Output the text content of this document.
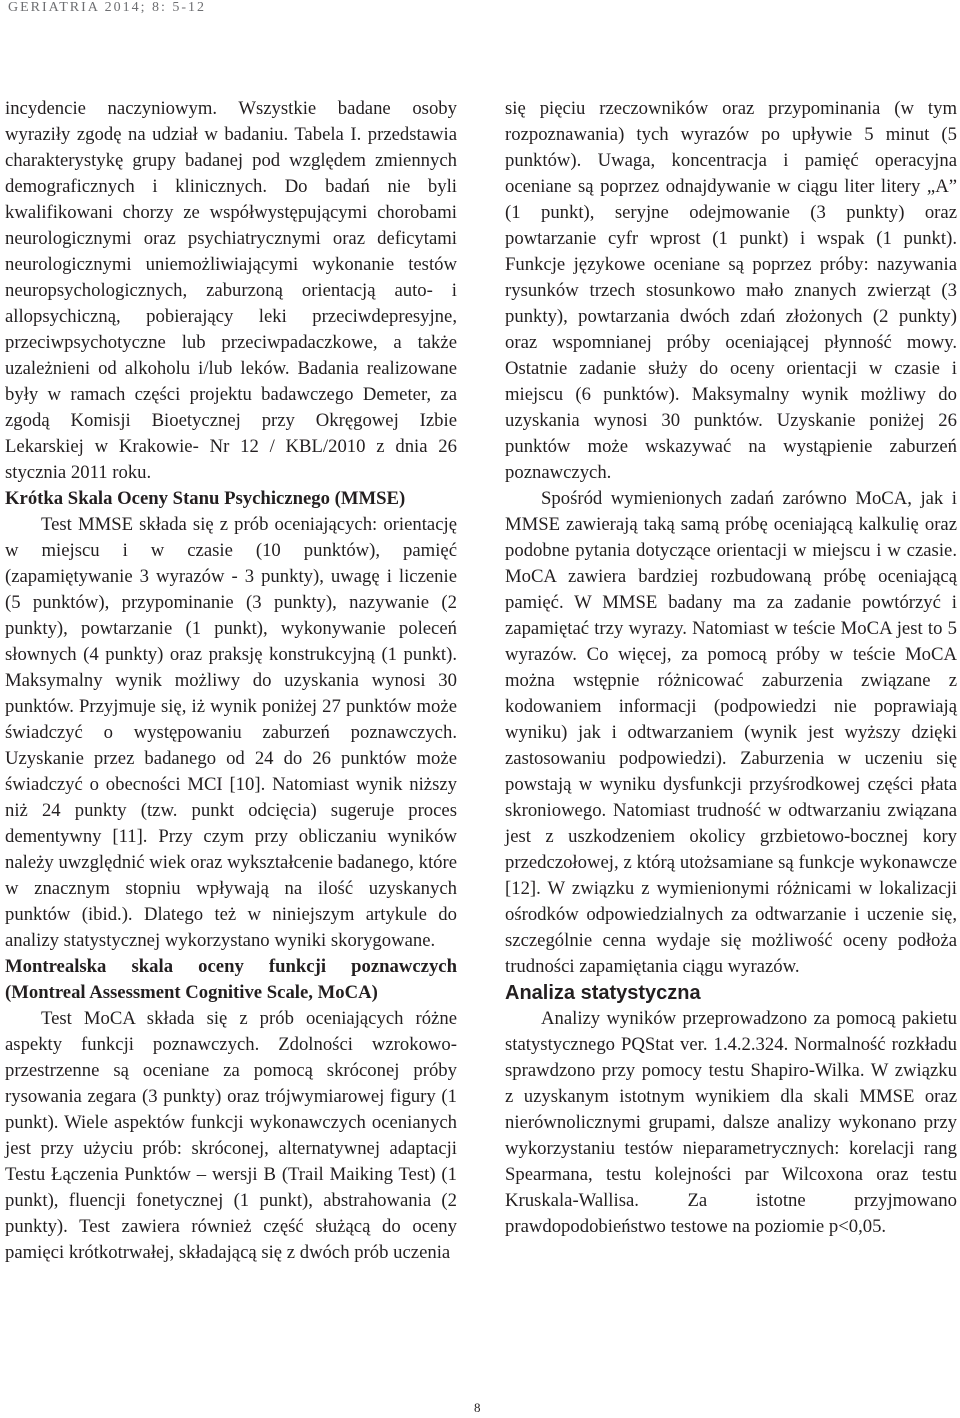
GERIATRIA 2014; 8: 5-12

incydencie naczyniowym. Wszystkie badane osoby wyraziły zgodę na udział w badaniu. Tabela I. przedstawia charakterystykę grupy badanej pod względem zmiennych demograficznych i klinicznych. Do badań nie byli kwalifikowani chorzy ze współwystępującymi chorobami neurologicznymi oraz psychiatrycznymi oraz deficytami neurologicznymi uniemożliwiającymi wykonanie testów neuropsychologicznych, zaburzoną orientacją auto- i allopsychiczną, pobierający leki przeciwdepresyjne, przeciwpsychotyczne lub przeciwpadaczkowe, a także uzależnieni od alkoholu i/lub leków. Badania realizowane były w ramach części projektu badawczego Demeter, za zgodą Komisji Bioetycznej przy Okręgowej Izbie Lekarskiej w Krakowie- Nr 12 / KBL/2010 z dnia 26 stycznia 2011 roku.

Krótka Skala Oceny Stanu Psychicznego (MMSE)

Test MMSE składa się z prób oceniających: orientację w miejscu i w czasie (10 punktów), pamięć (zapamiętywanie 3 wyrazów - 3 punkty), uwagę i liczenie (5 punktów), przypominanie (3 punkty), nazywanie (2 punkty), powtarzanie (1 punkt), wykonywanie poleceń słownych (4 punkty) oraz praksję konstrukcyjną (1 punkt). Maksymalny wynik możliwy do uzyskania wynosi 30 punktów. Przyjmuje się, iż wynik poniżej 27 punktów może świadczyć o występowaniu zaburzeń poznawczych. Uzyskanie przez badanego od 24 do 26 punktów może świadczyć o obecności MCI [10]. Natomiast wynik niższy niż 24 punkty (tzw. punkt odcięcia) sugeruje proces dementywny [11]. Przy czym przy obliczaniu wyników należy uwzględnić wiek oraz wykształcenie badanego, które w znacznym stopniu wpływają na ilość uzyskanych punktów (ibid.). Dlatego też w niniejszym artykule do analizy statystycznej wykorzystano wyniki skorygowane.

Montrealska skala oceny funkcji poznawczych (Montreal Assessment Cognitive Scale, MoCA)

Test MoCA składa się z prób oceniających różne aspekty funkcji poznawczych. Zdolności wzrokowo-przestrzenne są oceniane za pomocą skróconej próby rysowania zegara (3 punkty) oraz trójwymiarowej figury (1 punkt). Wiele aspektów funkcji wykonawczych ocenianych jest przy użyciu prób: skróconej, alternatywnej adaptacji Testu Łączenia Punktów – wersji B (Trail Maiking Test) (1 punkt), fluencji fonetycznej (1 punkt), abstrahowania (2 punkty). Test zawiera również część służącą do oceny pamięci krótkotrwałej, składającą się z dwóch prób uczenia

się pięciu rzeczowników oraz przypominania (w tym rozpoznawania) tych wyrazów po upływie 5 minut (5 punktów). Uwaga, koncentracja i pamięć operacyjna oceniane są poprzez odnajdywanie w ciągu liter litery „A” (1 punkt), seryjne odejmowanie (3 punkty) oraz powtarzanie cyfr wprost (1 punkt) i wspak (1 punkt). Funkcje językowe oceniane są poprzez próby: nazywania rysunków trzech stosunkowo mało znanych zwierząt (3 punkty), powtarzania dwóch zdań złożonych (2 punkty) oraz wspomnianej próby oceniającej płynność mowy. Ostatnie zadanie służy do oceny orientacji w czasie i miejscu (6 punktów). Maksymalny wynik możliwy do uzyskania wynosi 30 punktów. Uzyskanie poniżej 26 punktów może wskazywać na wystąpienie zaburzeń poznawczych.

Spośród wymienionych zadań zarówno MoCA, jak i MMSE zawierają taką samą próbę oceniającą kalkulię oraz podobne pytania dotyczące orientacji w miejscu i w czasie. MoCA zawiera bardziej rozbudowaną próbę oceniającą pamięć. W MMSE badany ma za zadanie powtórzyć i zapamiętać trzy wyrazy. Natomiast w teście MoCA jest to 5 wyrazów. Co więcej, za pomocą próby w teście MoCA można wstępnie różnicować zaburzenia związane z kodowaniem informacji (podpowiedzi nie poprawiają wyniku) jak i odtwarzaniem (wynik jest wyższy dzięki zastosowaniu podpowiedzi). Zaburzenia w uczeniu się powstają w wyniku dysfunkcji przyśrodkowej części płata skroniowego. Natomiast trudność w odtwarzaniu związana jest z uszkodzeniem okolicy grzbietowo-bocznej kory przedczołowej, z którą utożsamiane są funkcje wykonawcze [12]. W związku z wymienionymi różnicami w lokalizacji ośrodków odpowiedzialnych za odtwarzanie i uczenie się, szczególnie cenna wydaje się możliwość oceny podłoża trudności zapamiętania ciągu wyrazów.

Analiza statystyczna

Analizy wyników przeprowadzono za pomocą pakietu statystycznego PQStat ver. 1.4.2.324. Normalność rozkładu sprawdzono przy pomocy testu Shapiro-Wilka. W związku z uzyskanym istotnym wynikiem dla skali MMSE oraz nierównolicznymi grupami, dalsze analizy wykonano przy wykorzystaniu testów nieparametrycznych: korelacji rang Spearmana, testu kolejności par Wilcoxona oraz testu Kruskala-Wallisa. Za istotne przyjmowano prawdopodobieństwo testowe na poziomie p<0,05.

8
